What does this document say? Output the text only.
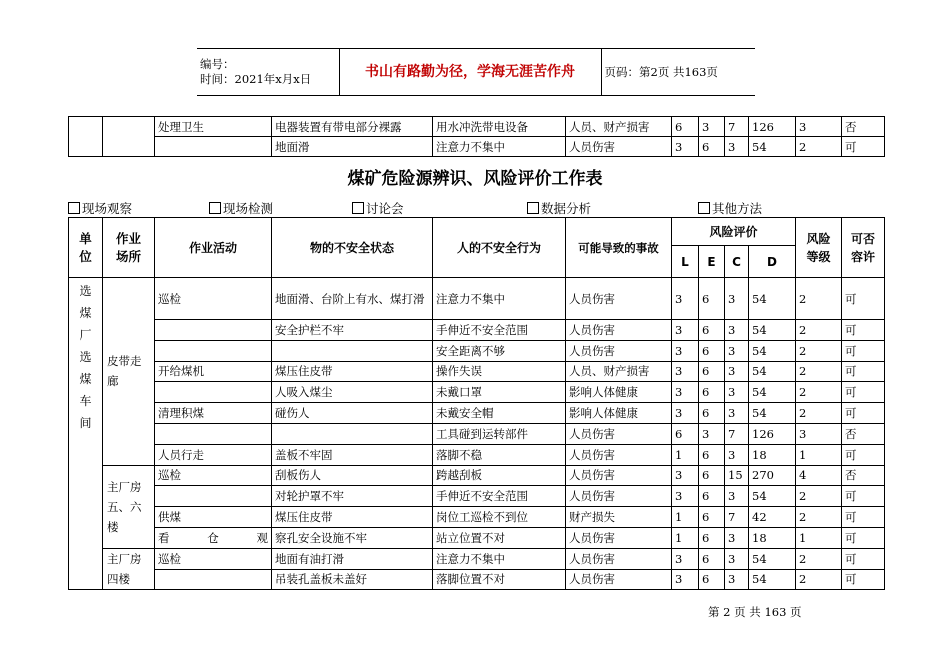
编号：
时间：2021年x月x日	书山有路勤为径，学海无涯苦作舟	页码：第2页 共163页
		处理卫生	电器装置有带电部分裸露	用水冲洗带电设备	人员、财产损害	6	3	7	126	3	否
			地面滑	注意力不集中	人员伤害	3	6	3	54	2	可
煤矿危险源辨识、风险评价工作表
现场观察	现场检测	讨论会	数据分析	其他方法
单位	作业场所	作业活动	物的不安全状态	人的不安全行为	可能导致的事故	风险评价				风险等级	可否容许

						L	E	C	D		

选煤厂选煤车间	皮带走廊	巡检	地面滑、台阶上有水、煤打滑	注意力不集中	人员伤害	3	6	3	54	2	可
			安全护栏不牢	手伸近不安全范围	人员伤害	3	6	3	54	2	可
				安全距离不够	人员伤害	3	6	3	54	2	可
		开给煤机	煤压住皮带	操作失误	人员、财产损害	3	6	3	54	2	可
			人吸入煤尘	未戴口罩	影响人体健康	3	6	3	54	2	可
		清理积煤	碰伤人	未戴安全帽	影响人体健康	3	6	3	54	2	可
				工具碰到运转部件	人员伤害	6	3	7	126	3	否
		人员行走	盖板不牢固	落脚不稳	人员伤害	1	6	3	18	1	可

	主厂房五、六楼	巡检	刮板伤人	跨越刮板	人员伤害	3	6	15	270	4	否
			对轮护罩不牢	手伸近不安全范围	人员伤害	3	6	3	54	2	可
		供煤	煤压住皮带	岗位工巡检不到位	财产损失	1	6	7	42	2	可
		看仓观	察孔安全设施不牢	站立位置不对	人员伤害	1	6	3	18	1	可

	主厂房四楼	巡检	地面有油打滑	注意力不集中	人员伤害	3	6	3	54	2	可
			吊装孔盖板未盖好	落脚位置不对	人员伤害	3	6	3	54	2	可
第 2 页 共 163 页
